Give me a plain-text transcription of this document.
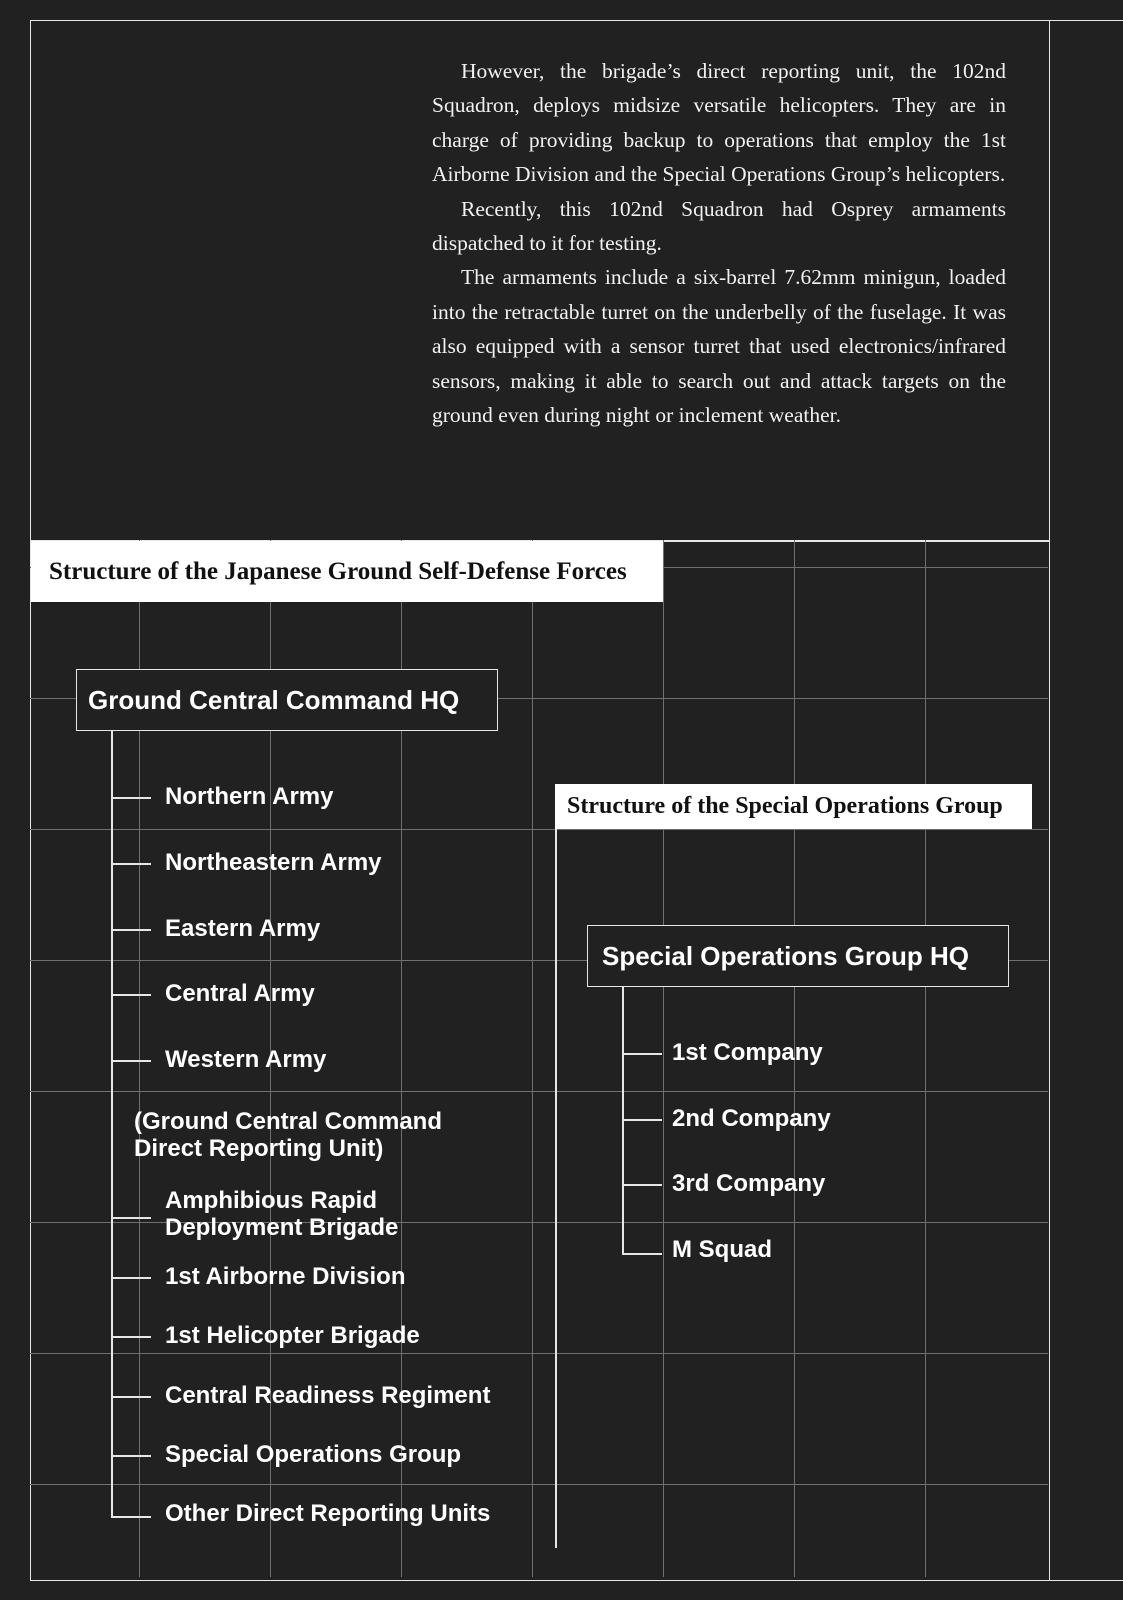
However, the brigade’s direct reporting unit, the 102nd Squadron, deploys midsize versatile helicopters. They are in charge of providing backup to operations that employ the 1st Airborne Division and the Special Operations Group’s helicopters.

Recently, this 102nd Squadron had Osprey armaments dispatched to it for testing.

The armaments include a six-barrel 7.62mm minigun, loaded into the retractable turret on the underbelly of the fuselage. It was also equipped with a sensor turret that used electronics/infrared sensors, making it able to search out and attack targets on the ground even during night or inclement weather.

Structure of the Japanese Ground Self-Defense Forces
Ground Central Command HQ
Northern Army
Northeastern Army
Eastern Army
Central Army
Western Army
(Ground Central Command
Direct Reporting Unit)
Amphibious Rapid
Deployment Brigade
1st Airborne Division
1st Helicopter Brigade
Central Readiness Regiment
Special Operations Group
Other Direct Reporting Units
Structure of the Special Operations Group
Special Operations Group HQ
1st Company
2nd Company
3rd Company
M Squad
